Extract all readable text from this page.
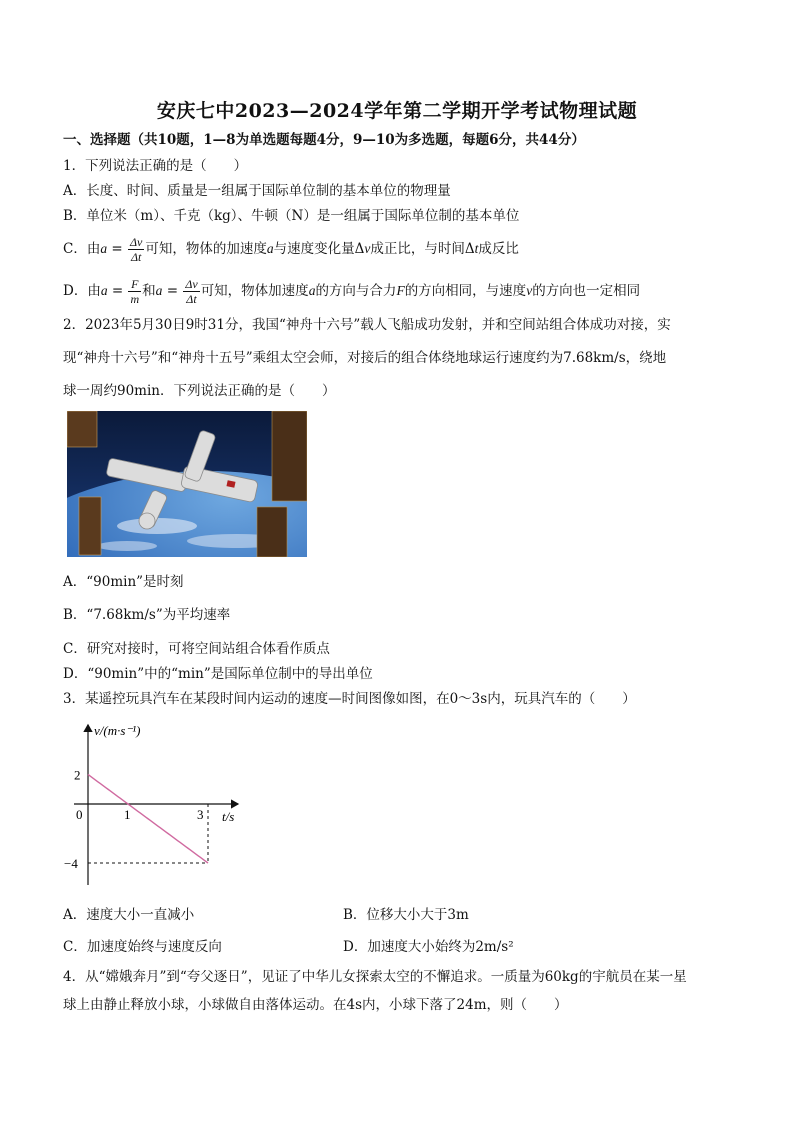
安庆七中2023—2024学年第二学期开学考试物理试题
一、选择题（共10题，1—8为单选题每题4分，9—10为多选题，每题6分，共44分）
1．下列说法正确的是（　　）
A．长度、时间、质量是一组属于国际单位制的基本单位的物理量
B．单位米（m）、千克（kg）、牛顿（N）是一组属于国际单位制的基本单位
C．由$a = \frac{\Delta v}{\Delta t}$ 可知，物体的加速度a与速度变化量Δv成正比，与时间Δt成反比
D．由$a = \frac{F}{m}$ 和$a = \frac{\Delta v}{\Delta t}$ 可知，物体加速度a的方向与合力F的方向相同，与速度v的方向也一定相同
2．2023年5月30日9时31分，我国“神舟十六号”载人飞船成功发射，并和空间站组合体成功对接，实
现“神舟十六号”和“神舟十五号”乘组太空会师，对接后的组合体绕地球运行速度约为7.68km/s，绕地
球一周约90min．下列说法正确的是（　　）
A．“90min”是时刻
B．“7.68km/s”为平均速率
C．研究对接时，可将空间站组合体看作质点
D．“90min”中的“min”是国际单位制中的导出单位
3．某遥控玩具汽车在某段时间内运动的速度—时间图像如图，在0～3s内，玩具汽车的（　　）
v/(m·s⁻¹)
t/s
0	1	3
2
−4
A．速度大小一直减小	B．位移大小大于3m
C．加速度始终与速度反向	D．加速度大小始终为2m/s²
4．从“嫦娥奔月”到“夸父逐日”，见证了中华儿女探索太空的不懈追求。一质量为60kg的宇航员在某一星
球上由静止释放小球，小球做自由落体运动。在4s内，小球下落了24m，则（　　）
